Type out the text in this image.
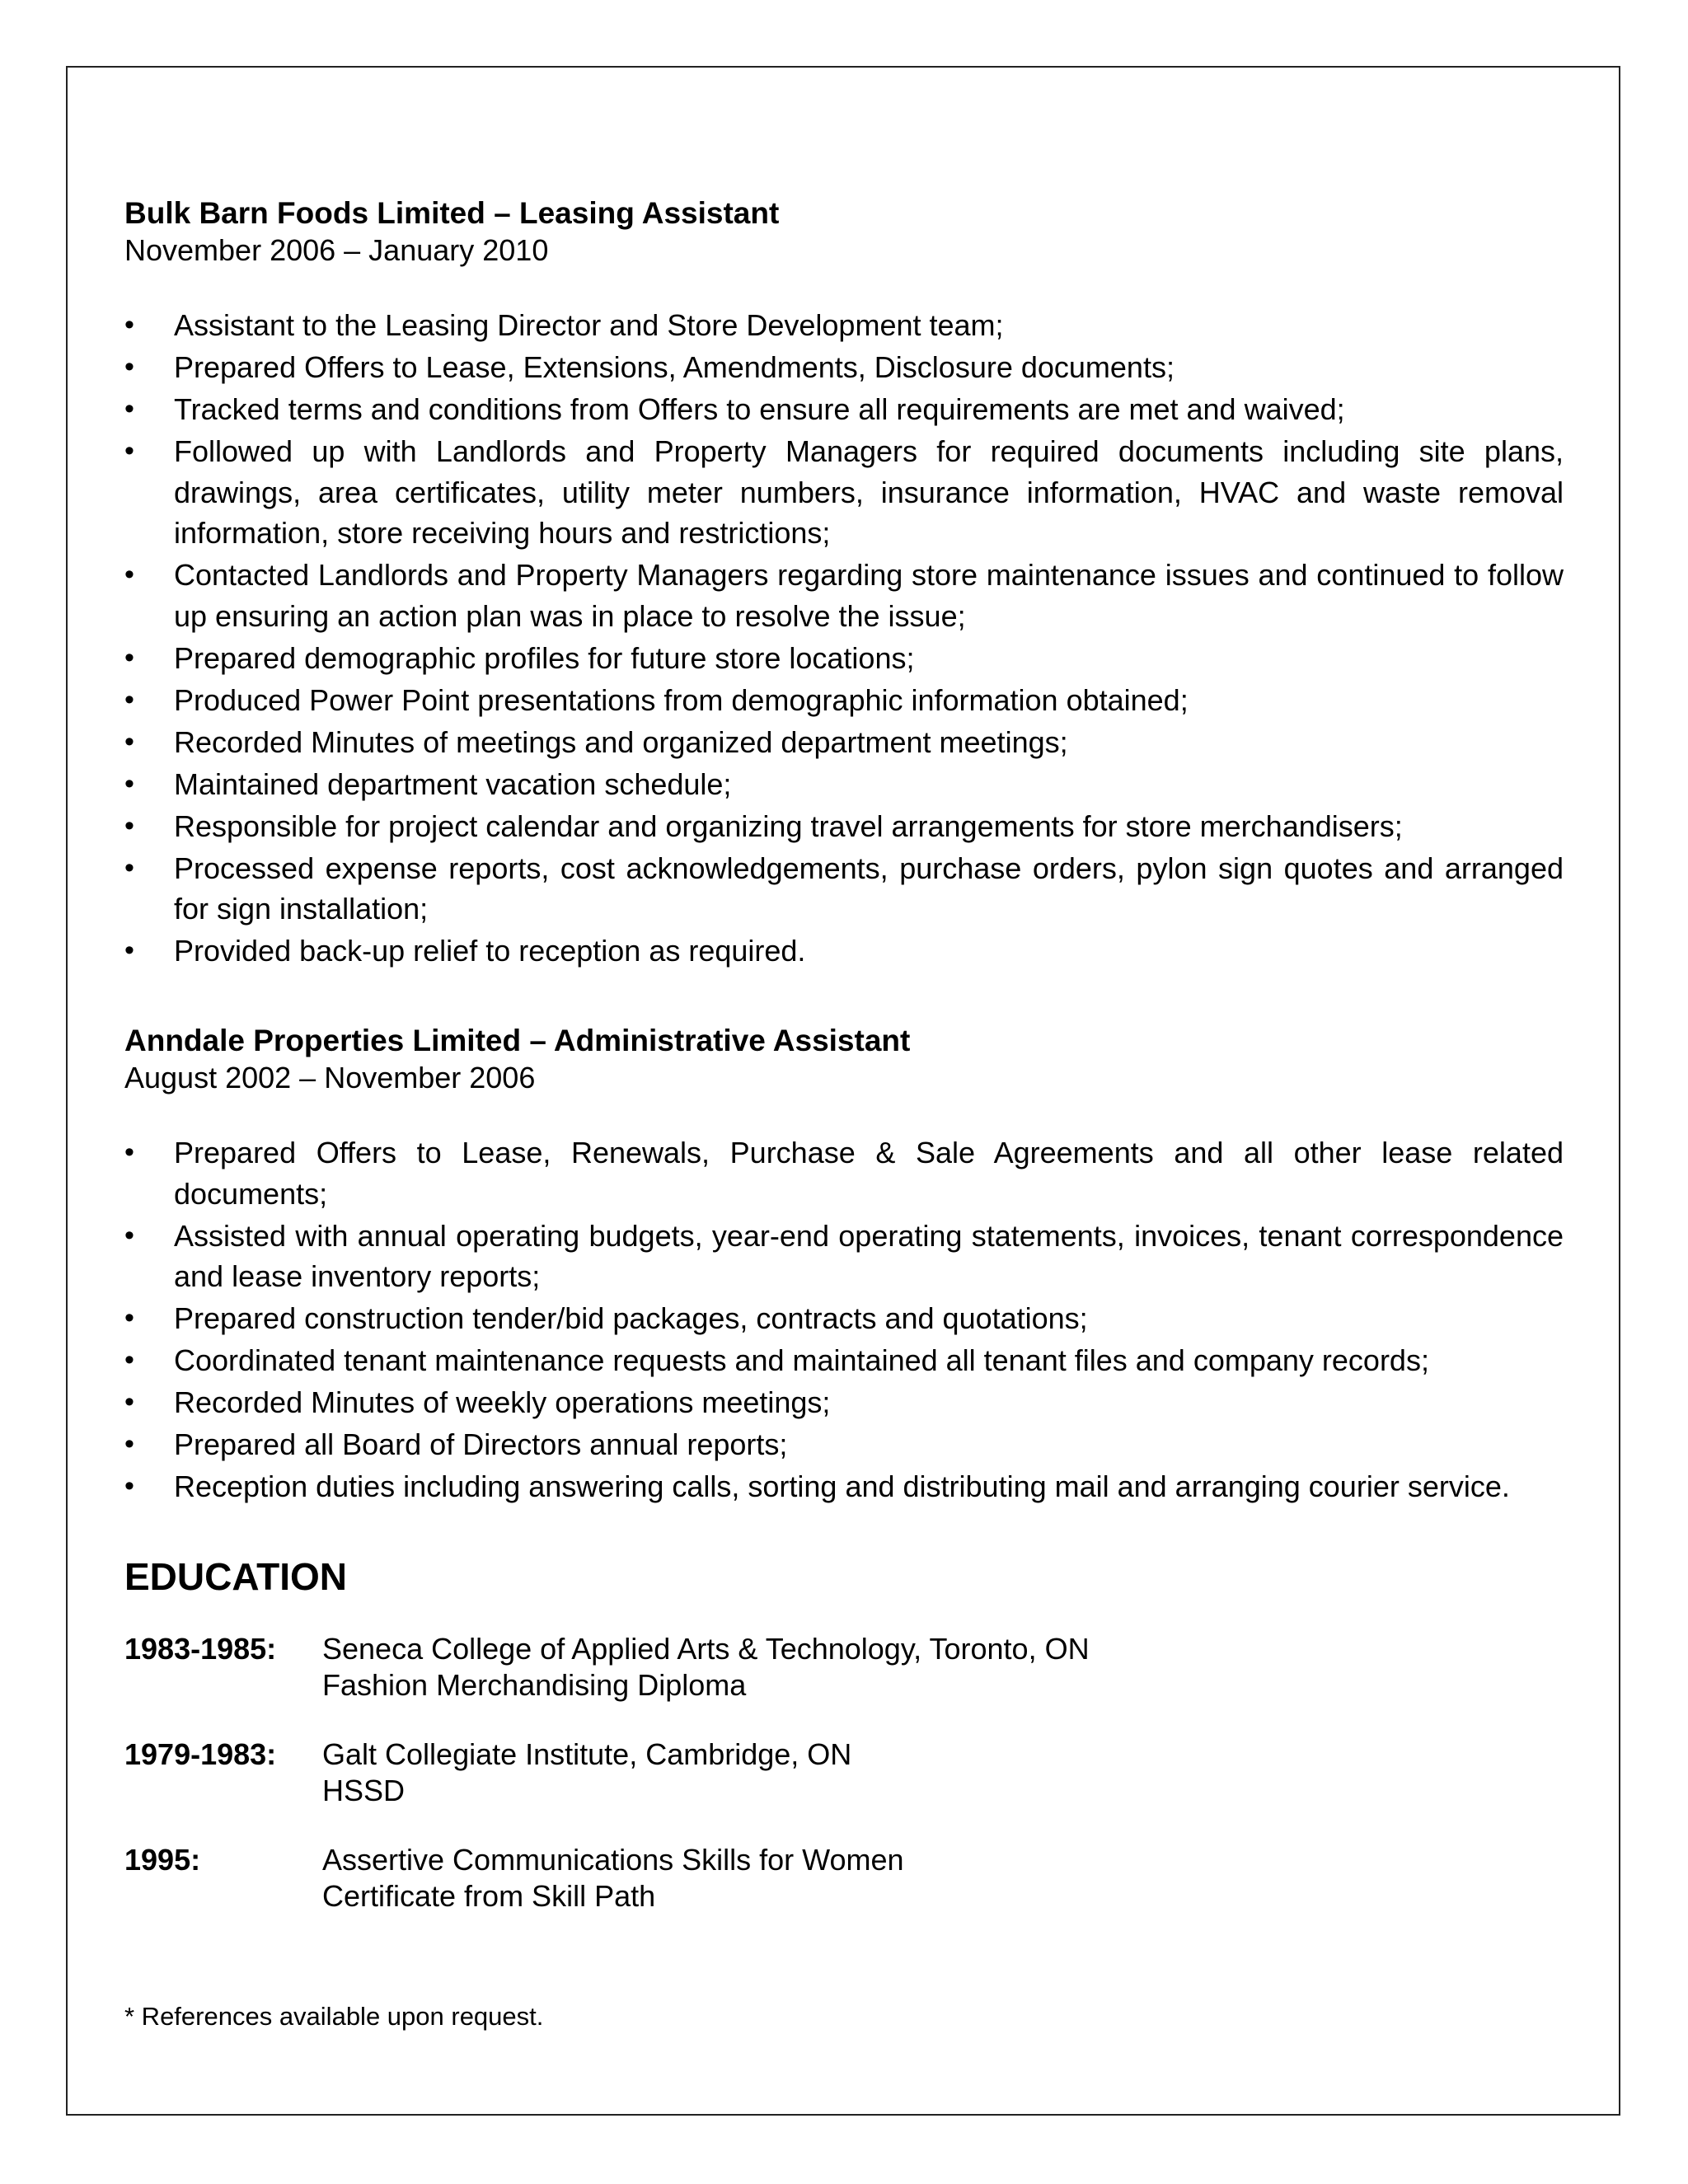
Bulk Barn Foods Limited – Leasing Assistant
November 2006 – January 2010
•	Assistant to the Leasing Director and Store Development team;
•	Prepared Offers to Lease, Extensions, Amendments, Disclosure documents;
•	Tracked terms and conditions from Offers to ensure all requirements are met and waived;
•	Followed up with Landlords and Property Managers for required documents including site plans, drawings, area certificates, utility meter numbers, insurance information, HVAC and waste removal information, store receiving hours and restrictions;
•	Contacted Landlords and Property Managers regarding store maintenance issues and continued to follow up ensuring an action plan was in place to resolve the issue;
•	Prepared demographic profiles for future store locations;
•	Produced Power Point presentations from demographic information obtained;
•	Recorded Minutes of meetings and organized department meetings;
•	Maintained department vacation schedule;
•	Responsible for project calendar and organizing travel arrangements for store merchandisers;
•	Processed expense reports, cost acknowledgements, purchase orders, pylon sign quotes and arranged for sign installation;
•	Provided back-up relief to reception as required.
Anndale Properties Limited – Administrative Assistant
August 2002 – November 2006
•	Prepared Offers to Lease, Renewals, Purchase & Sale Agreements and all other lease related documents;
•	Assisted with annual operating budgets, year-end operating statements, invoices, tenant correspondence and lease inventory reports;
•	Prepared construction tender/bid packages, contracts and quotations;
•	Coordinated tenant maintenance requests and maintained all tenant files and company records;
•	Recorded Minutes of weekly operations meetings;
•	Prepared all Board of Directors annual reports;
•	Reception duties including answering calls, sorting and distributing mail and arranging courier service.
EDUCATION
1983-1985:	Seneca College of Applied Arts & Technology, Toronto, ON
Fashion Merchandising Diploma
1979-1983:	Galt Collegiate Institute, Cambridge, ON
HSSD
1995:	Assertive Communications Skills for Women
Certificate from Skill Path
* References available upon request.
